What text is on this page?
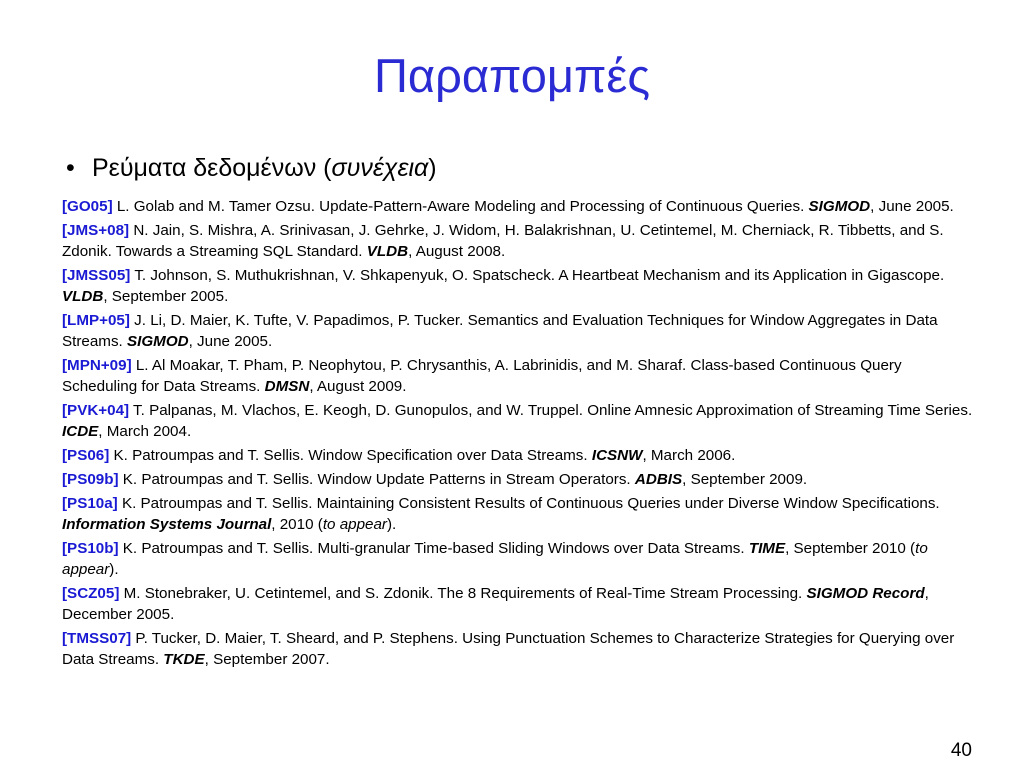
Παραπομπές
• Ρεύματα δεδομένων (συνέχεια)
[GO05] L. Golab and M. Tamer Ozsu. Update-Pattern-Aware Modeling and Processing of Continuous Queries. SIGMOD, June 2005.
[JMS+08] N. Jain, S. Mishra, A. Srinivasan, J. Gehrke, J. Widom, H. Balakrishnan, U. Cetintemel, M. Cherniack, R. Tibbetts, and S. Zdonik. Towards a Streaming SQL Standard. VLDB, August 2008.
[JMSS05] T. Johnson, S. Muthukrishnan, V. Shkapenyuk, O. Spatscheck. A Heartbeat Mechanism and its Application in Gigascope. VLDB, September 2005.
[LMP+05] J. Li, D. Maier, K. Tufte, V. Papadimos, P. Tucker. Semantics and Evaluation Techniques for Window Aggregates in Data Streams. SIGMOD, June 2005.
[MPN+09] L. Al Moakar, T. Pham, P. Neophytou, P. Chrysanthis, A. Labrinidis, and M. Sharaf. Class-based Continuous Query Scheduling for Data Streams. DMSN, August 2009.
[PVK+04] T. Palpanas, M. Vlachos, E. Keogh, D. Gunopulos, and W. Truppel. Online Amnesic Approximation of Streaming Time Series. ICDE, March 2004.
[PS06] K. Patroumpas and T. Sellis. Window Specification over Data Streams. ICSNW, March 2006.
[PS09b] K. Patroumpas and T. Sellis. Window Update Patterns in Stream Operators. ADBIS, September 2009.
[PS10a] K. Patroumpas and T. Sellis. Maintaining Consistent Results of Continuous Queries under Diverse Window Specifications. Information Systems Journal, 2010 (to appear).
[PS10b] K. Patroumpas and T. Sellis. Multi-granular Time-based Sliding Windows over Data Streams. TIME, September 2010 (to appear).
[SCZ05] M. Stonebraker, U. Cetintemel, and S. Zdonik. The 8 Requirements of Real-Time Stream Processing. SIGMOD Record, December 2005.
[TMSS07] P. Tucker, D. Maier, T. Sheard, and P. Stephens. Using Punctuation Schemes to Characterize Strategies for Querying over Data Streams. TKDE, September 2007.
40
